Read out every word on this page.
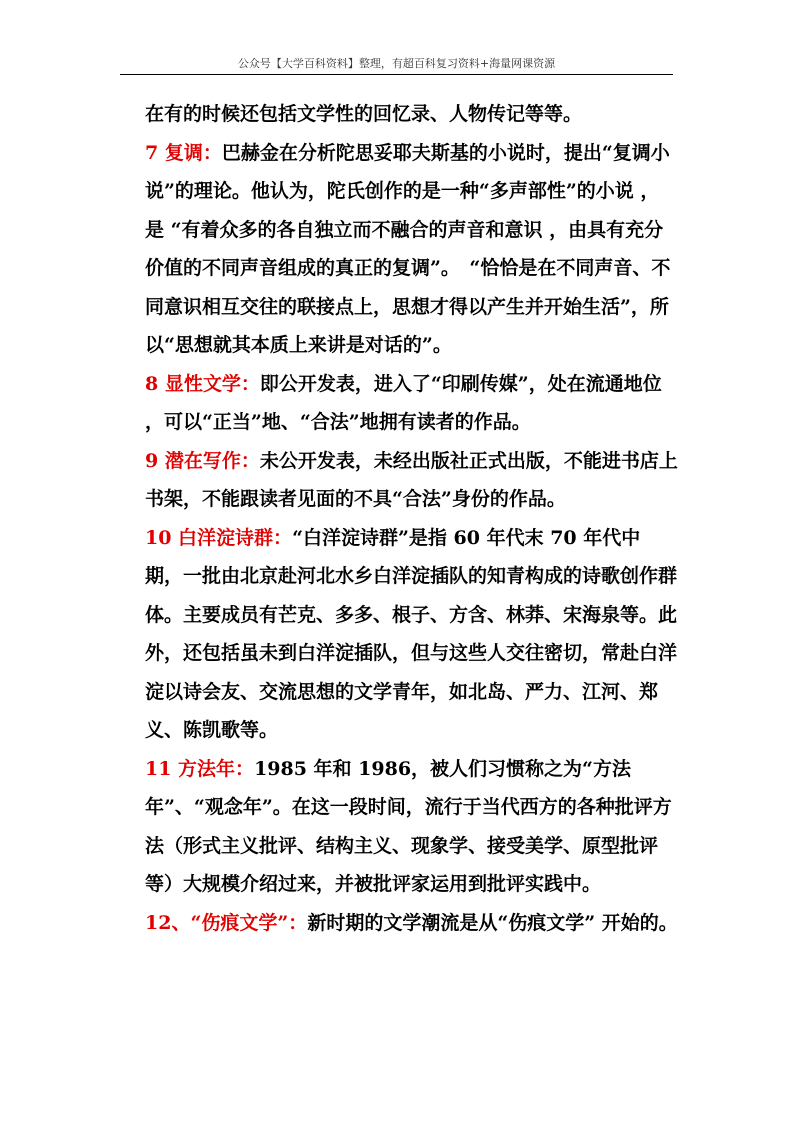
公众号【大学百科资料】整理，有超百科复习资料+海量网课资源

在有的时候还包括文学性的回忆录、人物传记等等。

7 复调：巴赫金在分析陀思妥耶夫斯基的小说时，提出“复调小说”的理论。他认为，陀氏创作的是一种“多声部性”的小说 ，是 “有着众多的各自独立而不融合的声音和意识 ，由具有充分价值的不同声音组成的真正的复调”。　“恰恰是在不同声音、不同意识相互交往的联接点上，思想才得以产生并开始生活”，所以“思想就其本质上来讲是对话的”。

8 显性文学：即公开发表，进入了“印刷传媒”，处在流通地位 ，可以“正当”地、“合法”地拥有读者的作品。

9 潜在写作：未公开发表，未经出版社正式出版，不能进书店上书架，不能跟读者见面的不具“合法”身份的作品。

10 白洋淀诗群：“白洋淀诗群”是指 60 年代末 70 年代中期，一批由北京赴河北水乡白洋淀插队的知青构成的诗歌创作群体。主要成员有芒克、多多、根子、方含、林莽、宋海泉等。此外，还包括虽未到白洋淀插队，但与这些人交往密切，常赴白洋淀以诗会友、交流思想的文学青年，如北岛、严力、江河、郑义、陈凯歌等。

11 方法年：1985 年和 1986，被人们习惯称之为“方法年”、“观念年”。在这一段时间，流行于当代西方的各种批评方法（形式主义批评、结构主义、现象学、接受美学、原型批评等）大规模介绍过来，并被批评家运用到批评实践中。

12、“伤痕文学”：新时期的文学潮流是从“伤痕文学” 开始的。
